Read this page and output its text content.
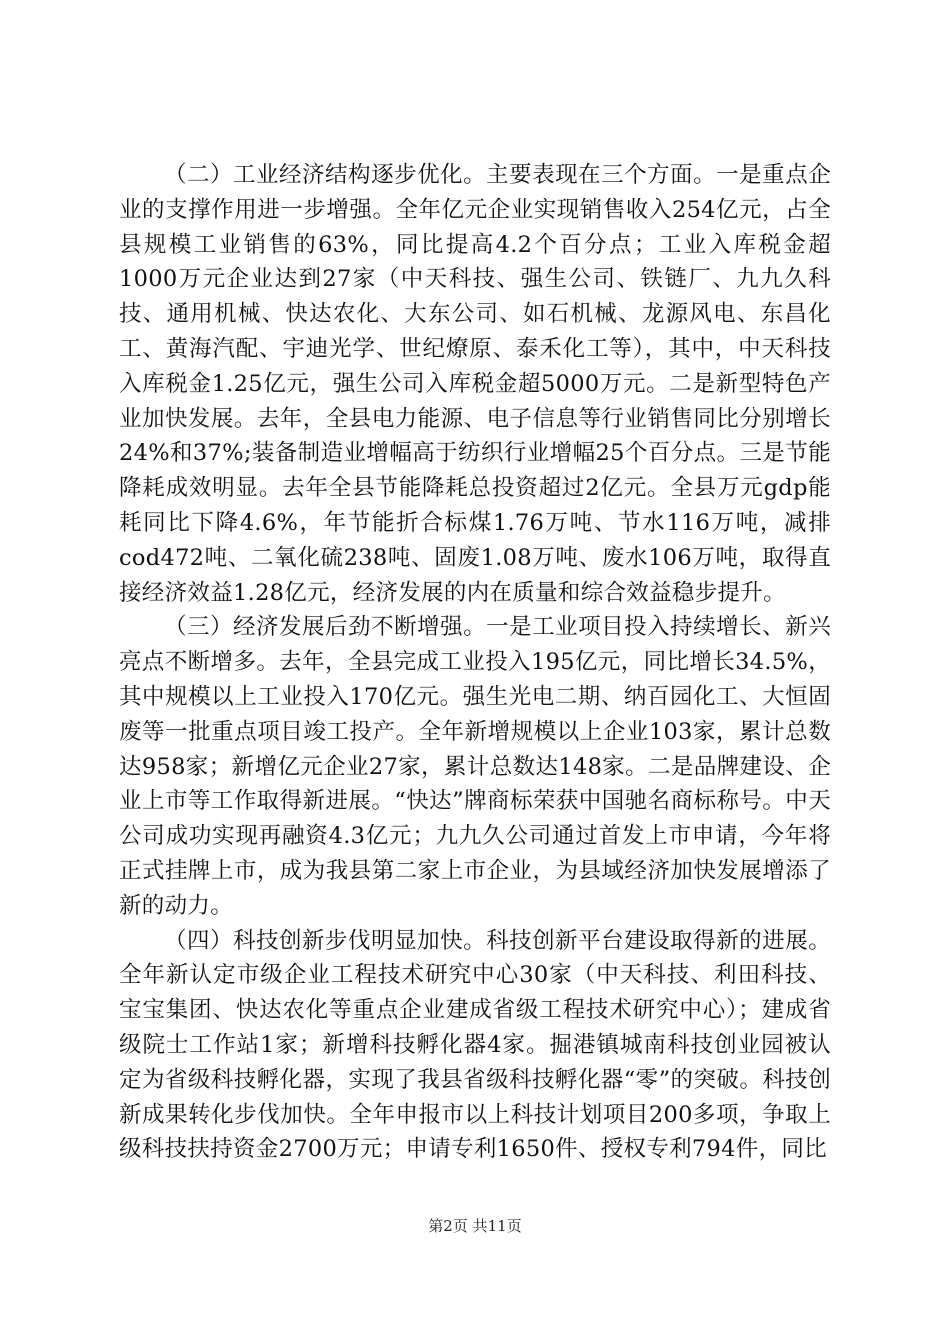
（二）工业经济结构逐步优化。主要表现在三个方面。一是重点企业的支撑作用进一步增强。全年亿元企业实现销售收入254亿元，占全县规模工业销售的63%，同比提高4.2个百分点；工业入库税金超1000万元企业达到27家（中天科技、强生公司、铁链厂、九九久科技、通用机械、快达农化、大东公司、如石机械、龙源风电、东昌化工、黄海汽配、宇迪光学、世纪燎原、泰禾化工等），其中，中天科技入库税金1.25亿元，强生公司入库税金超5000万元。二是新型特色产业加快发展。去年，全县电力能源、电子信息等行业销售同比分别增长24%和37%;装备制造业增幅高于纺织行业增幅25个百分点。三是节能降耗成效明显。去年全县节能降耗总投资超过2亿元。全县万元gdp能耗同比下降4.6%，年节能折合标煤1.76万吨、节水116万吨，减排cod472吨、二氧化硫238吨、固废1.08万吨、废水106万吨，取得直接经济效益1.28亿元，经济发展的内在质量和综合效益稳步提升。

（三）经济发展后劲不断增强。一是工业项目投入持续增长、新兴亮点不断增多。去年，全县完成工业投入195亿元，同比增长34.5%，其中规模以上工业投入170亿元。强生光电二期、纳百园化工、大恒固废等一批重点项目竣工投产。全年新增规模以上企业103家，累计总数达958家；新增亿元企业27家，累计总数达148家。二是品牌建设、企业上市等工作取得新进展。“快达”牌商标荣获中国驰名商标称号。中天公司成功实现再融资4.3亿元；九九久公司通过首发上市申请，今年将正式挂牌上市，成为我县第二家上市企业，为县域经济加快发展增添了新的动力。

（四）科技创新步伐明显加快。科技创新平台建设取得新的进展。全年新认定市级企业工程技术研究中心30家（中天科技、利田科技、宝宝集团、快达农化等重点企业建成省级工程技术研究中心）；建成省级院士工作站1家；新增科技孵化器4家。掘港镇城南科技创业园被认定为省级科技孵化器，实现了我县省级科技孵化器“零”的突破。科技创新成果转化步伐加快。全年申报市以上科技计划项目200多项，争取上级科技扶持资金2700万元；申请专利1650件、授权专利794件，同比

第2页 共11页
